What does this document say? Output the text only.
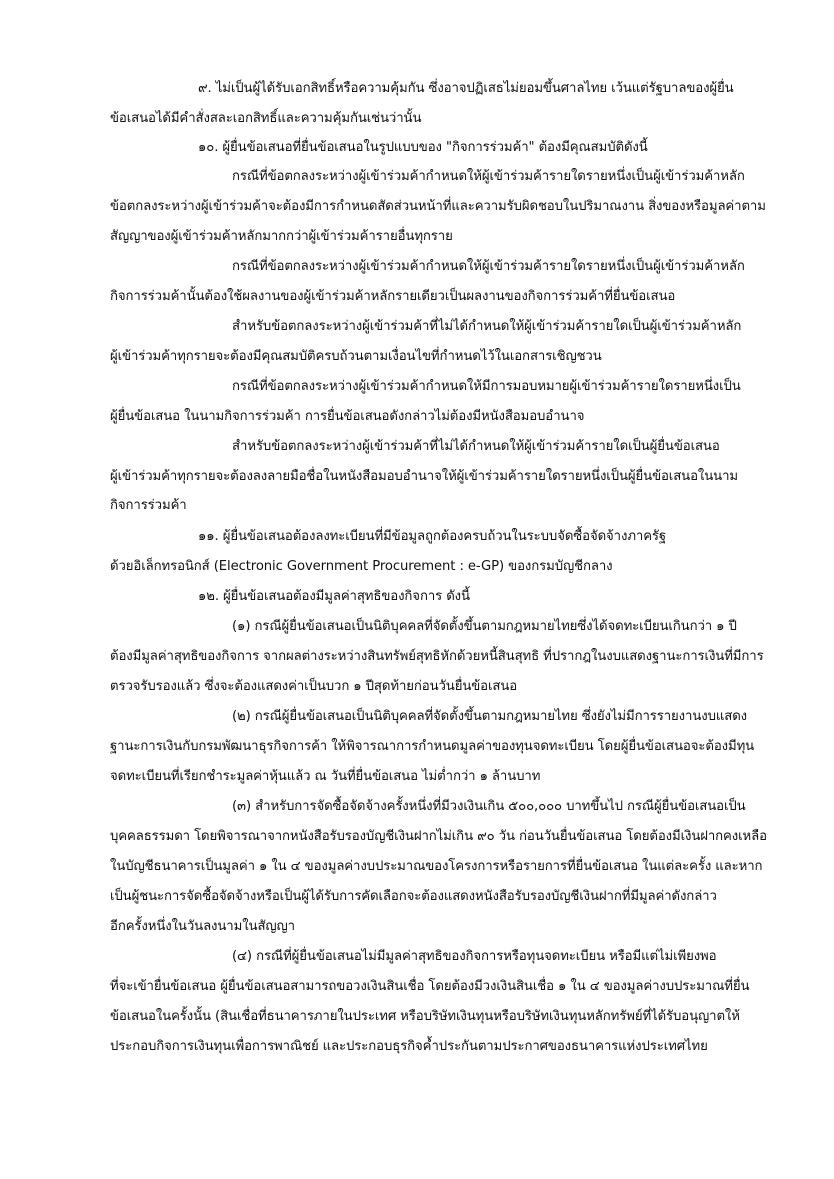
๙. ไม่เป็นผู้ได้รับเอกสิทธิ์หรือความคุ้มกัน ซึ่งอาจปฏิเสธไม่ยอมขึ้นศาลไทย เว้นแต่รัฐบาลของผู้ยื่น
ข้อเสนอได้มีคำสั่งสละเอกสิทธิ์และความคุ้มกันเช่นว่านั้น
๑๐. ผู้ยื่นข้อเสนอที่ยื่นข้อเสนอในรูปแบบของ "กิจการร่วมค้า" ต้องมีคุณสมบัติดังนี้
กรณีที่ข้อตกลงระหว่างผู้เข้าร่วมค้ากำหนดให้ผู้เข้าร่วมค้ารายใดรายหนึ่งเป็นผู้เข้าร่วมค้าหลัก
ข้อตกลงระหว่างผู้เข้าร่วมค้าจะต้องมีการกำหนดสัดส่วนหน้าที่และความรับผิดชอบในปริมาณงาน สิ่งของหรือมูลค่าตาม
สัญญาของผู้เข้าร่วมค้าหลักมากกว่าผู้เข้าร่วมค้ารายอื่นทุกราย
กรณีที่ข้อตกลงระหว่างผู้เข้าร่วมค้ากำหนดให้ผู้เข้าร่วมค้ารายใดรายหนึ่งเป็นผู้เข้าร่วมค้าหลัก
กิจการร่วมค้านั้นต้องใช้ผลงานของผู้เข้าร่วมค้าหลักรายเดียวเป็นผลงานของกิจการร่วมค้าที่ยื่นข้อเสนอ
สำหรับข้อตกลงระหว่างผู้เข้าร่วมค้าที่ไม่ได้กำหนดให้ผู้เข้าร่วมค้ารายใดเป็นผู้เข้าร่วมค้าหลัก
ผู้เข้าร่วมค้าทุกรายจะต้องมีคุณสมบัติครบถ้วนตามเงื่อนไขที่กำหนดไว้ในเอกสารเชิญชวน
กรณีที่ข้อตกลงระหว่างผู้เข้าร่วมค้ากำหนดให้มีการมอบหมายผู้เข้าร่วมค้ารายใดรายหนึ่งเป็น
ผู้ยื่นข้อเสนอ ในนามกิจการร่วมค้า การยื่นข้อเสนอดังกล่าวไม่ต้องมีหนังสือมอบอำนาจ
สำหรับข้อตกลงระหว่างผู้เข้าร่วมค้าที่ไม่ได้กำหนดให้ผู้เข้าร่วมค้ารายใดเป็นผู้ยื่นข้อเสนอ
ผู้เข้าร่วมค้าทุกรายจะต้องลงลายมือชื่อในหนังสือมอบอำนาจให้ผู้เข้าร่วมค้ารายใดรายหนึ่งเป็นผู้ยื่นข้อเสนอในนาม
กิจการร่วมค้า
๑๑. ผู้ยื่นข้อเสนอต้องลงทะเบียนที่มีข้อมูลถูกต้องครบถ้วนในระบบจัดซื้อจัดจ้างภาครัฐ
ด้วยอิเล็กทรอนิกส์ (Electronic Government Procurement : e-GP) ของกรมบัญชีกลาง
๑๒. ผู้ยื่นข้อเสนอต้องมีมูลค่าสุทธิของกิจการ ดังนี้
(๑) กรณีผู้ยื่นข้อเสนอเป็นนิติบุคคลที่จัดตั้งขึ้นตามกฎหมายไทยซึ่งได้จดทะเบียนเกินกว่า ๑ ปี
ต้องมีมูลค่าสุทธิของกิจการ จากผลต่างระหว่างสินทรัพย์สุทธิหักด้วยหนี้สินสุทธิ ที่ปรากฎในงบแสดงฐานะการเงินที่มีการ
ตรวจรับรองแล้ว ซึ่งจะต้องแสดงค่าเป็นบวก ๑ ปีสุดท้ายก่อนวันยื่นข้อเสนอ
(๒) กรณีผู้ยื่นข้อเสนอเป็นนิติบุคคลที่จัดตั้งขึ้นตามกฎหมายไทย ซึ่งยังไม่มีการรายงานงบแสดง
ฐานะการเงินกับกรมพัฒนาธุรกิจการค้า ให้พิจารณาการกำหนดมูลค่าของทุนจดทะเบียน โดยผู้ยื่นข้อเสนอจะต้องมีทุน
จดทะเบียนที่เรียกชำระมูลค่าหุ้นแล้ว ณ วันที่ยื่นข้อเสนอ ไม่ต่ำกว่า ๑ ล้านบาท
(๓) สำหรับการจัดซื้อจัดจ้างครั้งหนึ่งที่มีวงเงินเกิน ๕๐๐,๐๐๐ บาทขึ้นไป กรณีผู้ยื่นข้อเสนอเป็น
บุคคลธรรมดา โดยพิจารณาจากหนังสือรับรองบัญชีเงินฝากไม่เกิน ๙๐ วัน ก่อนวันยื่นข้อเสนอ โดยต้องมีเงินฝากคงเหลือ
ในบัญชีธนาคารเป็นมูลค่า ๑ ใน ๔ ของมูลค่างบประมาณของโครงการหรือรายการที่ยื่นข้อเสนอ ในแต่ละครั้ง และหาก
เป็นผู้ชนะการจัดซื้อจัดจ้างหรือเป็นผู้ได้รับการคัดเลือกจะต้องแสดงหนังสือรับรองบัญชีเงินฝากที่มีมูลค่าดังกล่าว
อีกครั้งหนึ่งในวันลงนามในสัญญา
(๔) กรณีที่ผู้ยื่นข้อเสนอไม่มีมูลค่าสุทธิของกิจการหรือทุนจดทะเบียน หรือมีแต่ไม่เพียงพอ
ที่จะเข้ายื่นข้อเสนอ ผู้ยื่นข้อเสนอสามารถขอวงเงินสินเชื่อ โดยต้องมีวงเงินสินเชื่อ ๑ ใน ๔ ของมูลค่างบประมาณที่ยื่น
ข้อเสนอในครั้งนั้น (สินเชื่อที่ธนาคารภายในประเทศ หรือบริษัทเงินทุนหรือบริษัทเงินทุนหลักทรัพย์ที่ได้รับอนุญาตให้
ประกอบกิจการเงินทุนเพื่อการพาณิชย์ และประกอบธุรกิจค้ำประกันตามประกาศของธนาคารแห่งประเทศไทย
